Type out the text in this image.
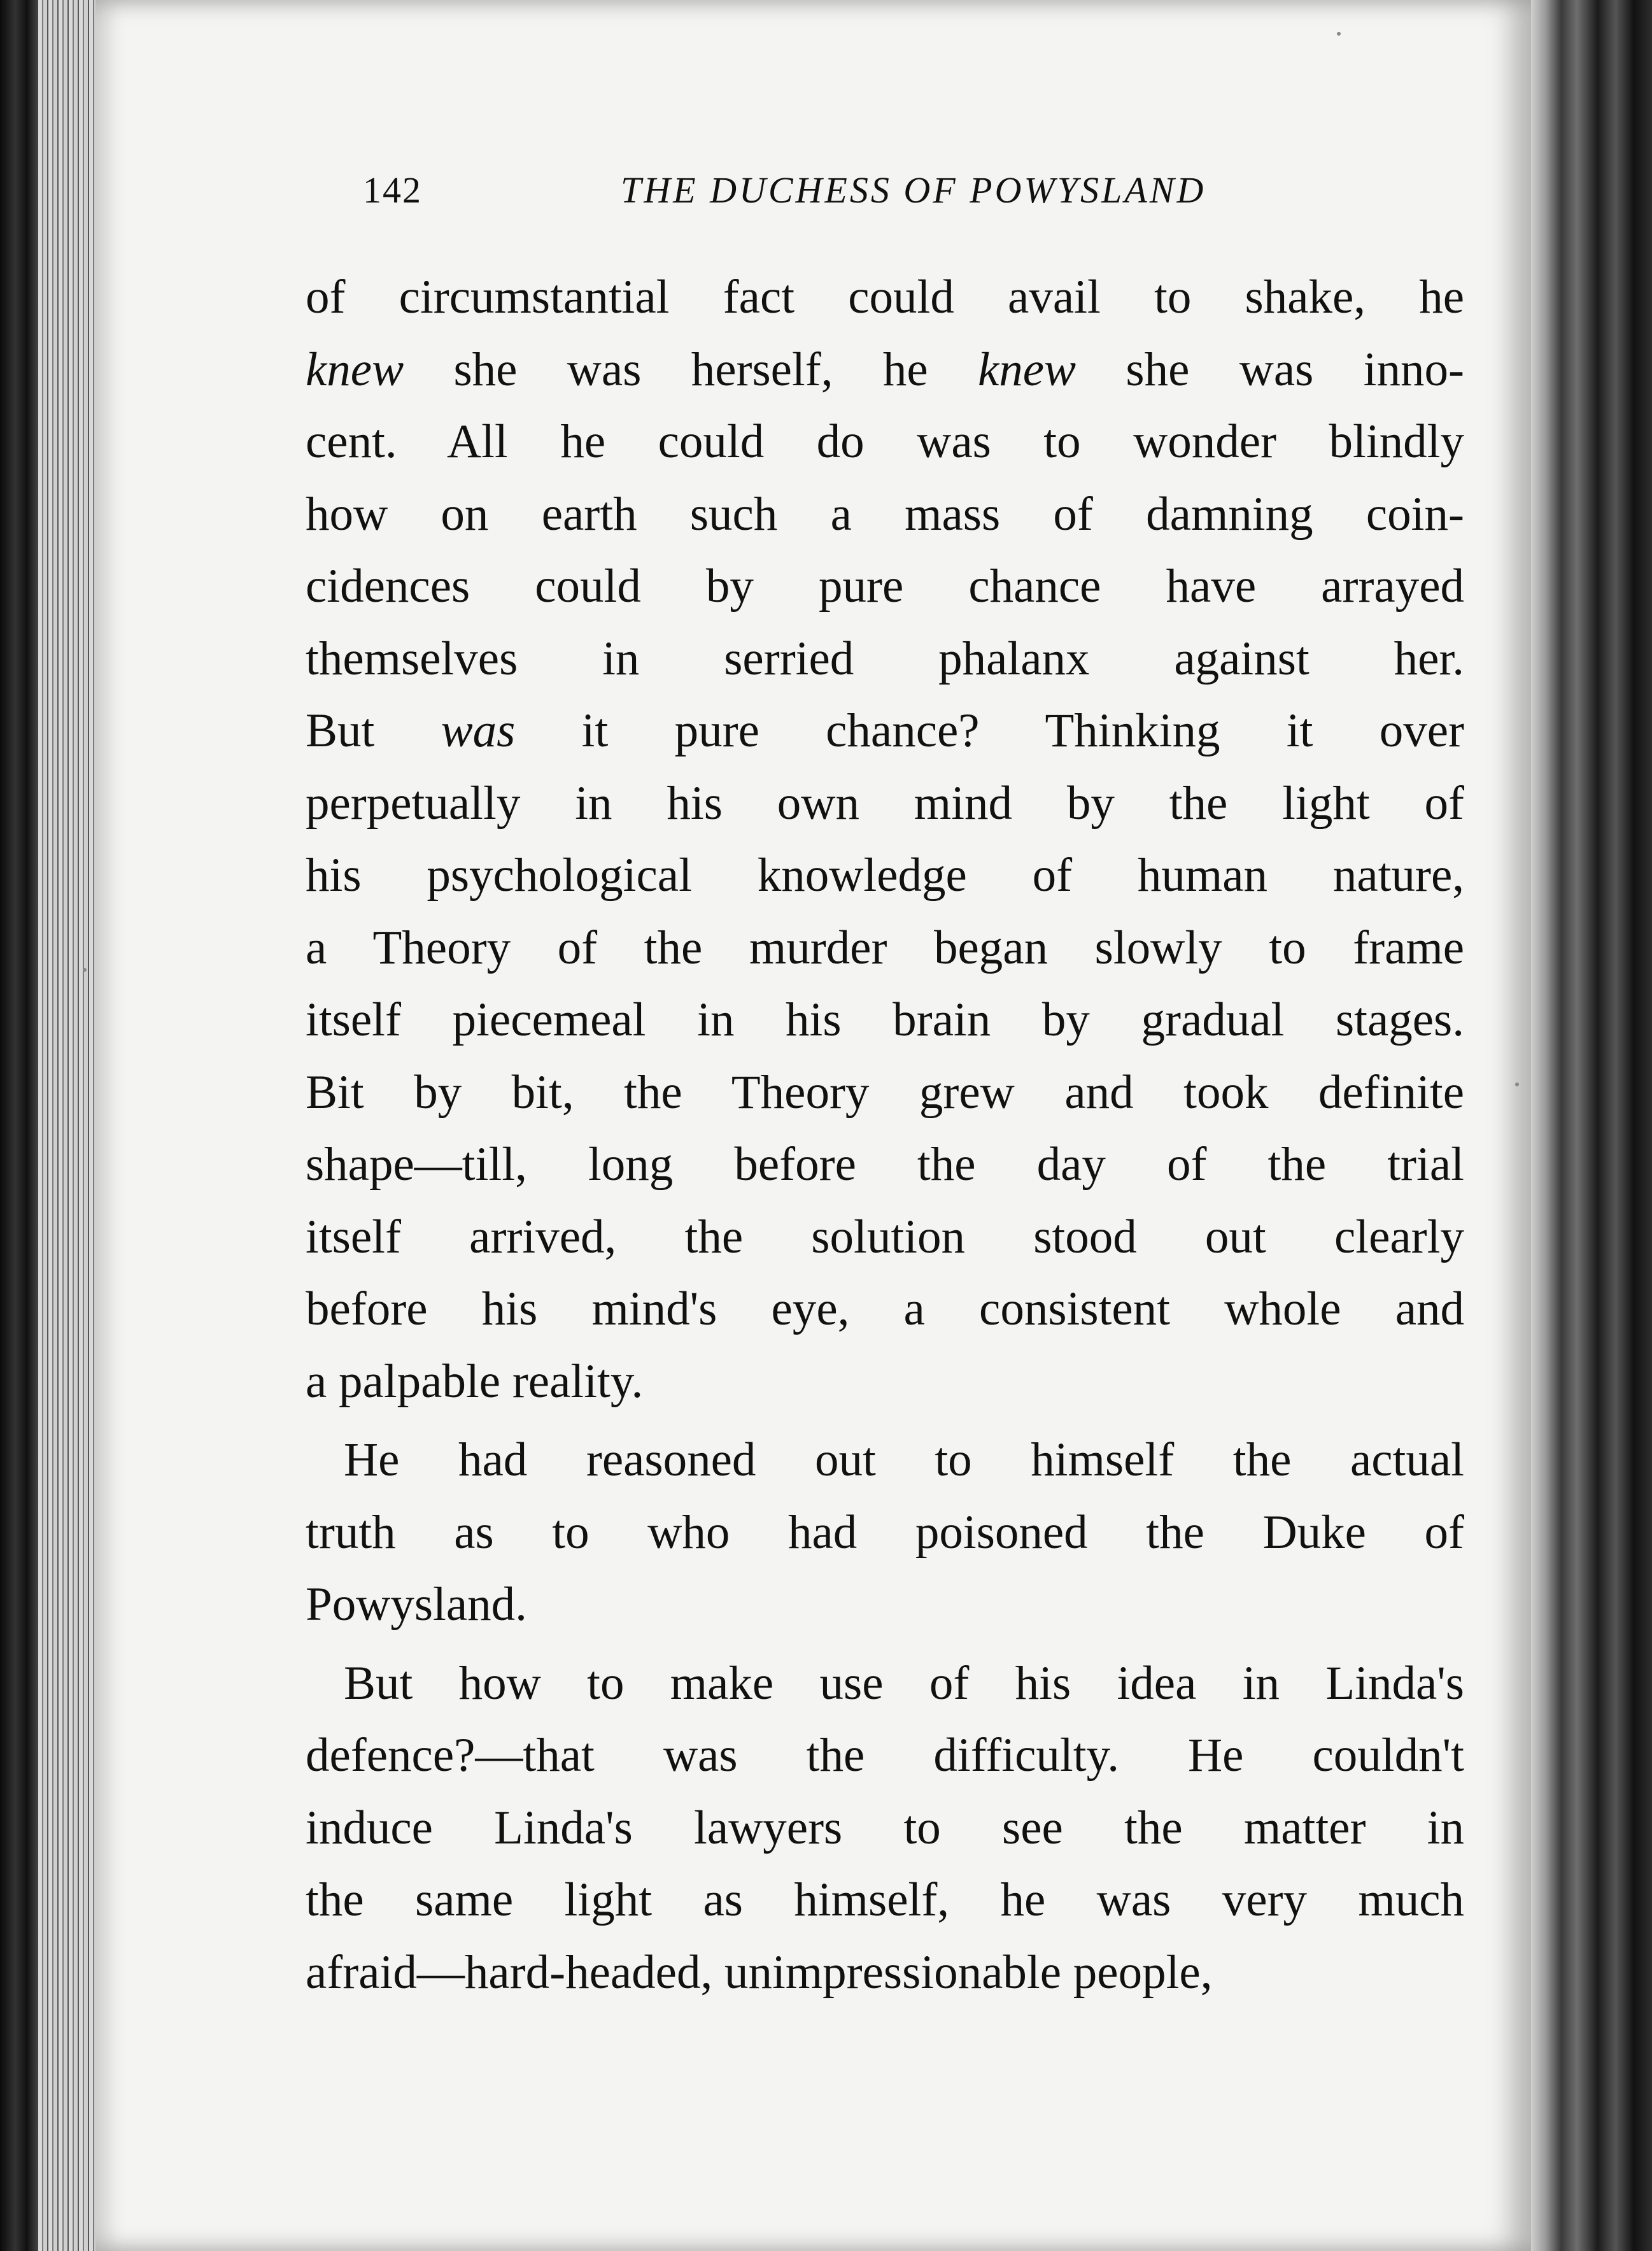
142	THE DUCHESS OF POWYSLAND
of circumstantial fact could avail to shake, he
knew she was herself, he knew she was inno-
cent. All he could do was to wonder blindly
how on earth such a mass of damning coin-
cidences could by pure chance have arrayed
themselves in serried phalanx against her.
But was it pure chance? Thinking it over
perpetually in his own mind by the light of
his psychological knowledge of human nature,
a Theory of the murder began slowly to frame
itself piecemeal in his brain by gradual stages.
Bit by bit, the Theory grew and took definite
shape—till, long before the day of the trial
itself arrived, the solution stood out clearly
before his mind's eye, a consistent whole and
a palpable reality.
He had reasoned out to himself the actual
truth as to who had poisoned the Duke of
Powysland.
But how to make use of his idea in Linda's
defence?—that was the difficulty. He couldn't
induce Linda's lawyers to see the matter in
the same light as himself, he was very much
afraid—hard-headed, unimpressionable people,
